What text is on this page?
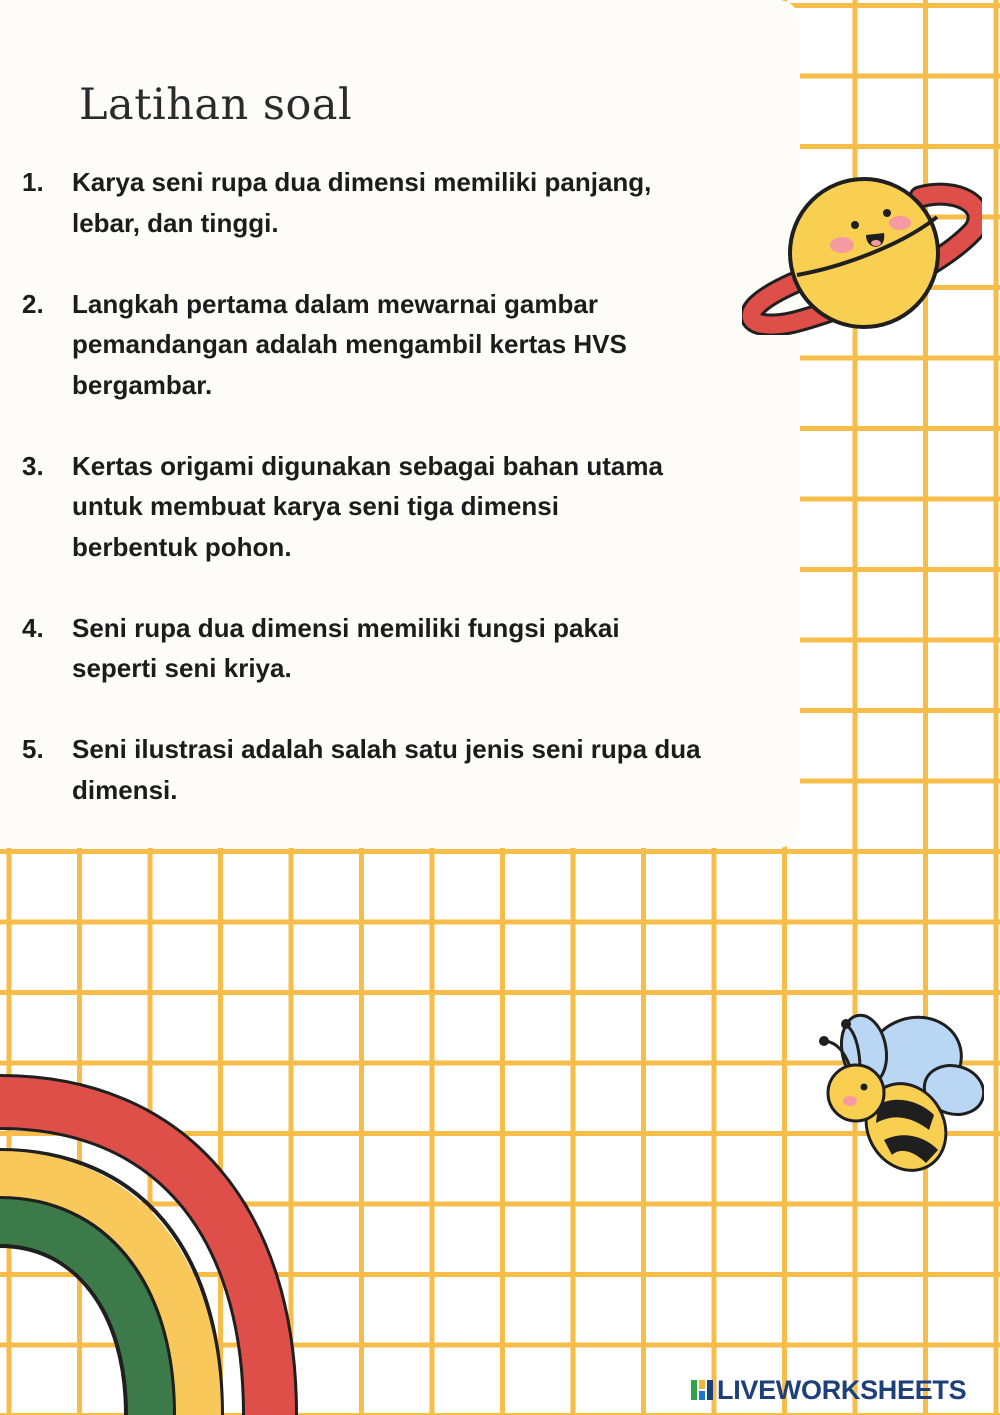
Latihan soal
1. Karya seni rupa dua dimensi memiliki panjang,
lebar, dan tinggi.
2. Langkah pertama dalam mewarnai gambar
pemandangan adalah mengambil kertas HVS
bergambar.
3. Kertas origami digunakan sebagai bahan utama
untuk membuat karya seni tiga dimensi
berbentuk pohon.
4. Seni rupa dua dimensi memiliki fungsi pakai
seperti seni kriya.
5. Seni ilustrasi adalah salah satu jenis seni rupa dua
dimensi.
LIVEWORKSHEETS
